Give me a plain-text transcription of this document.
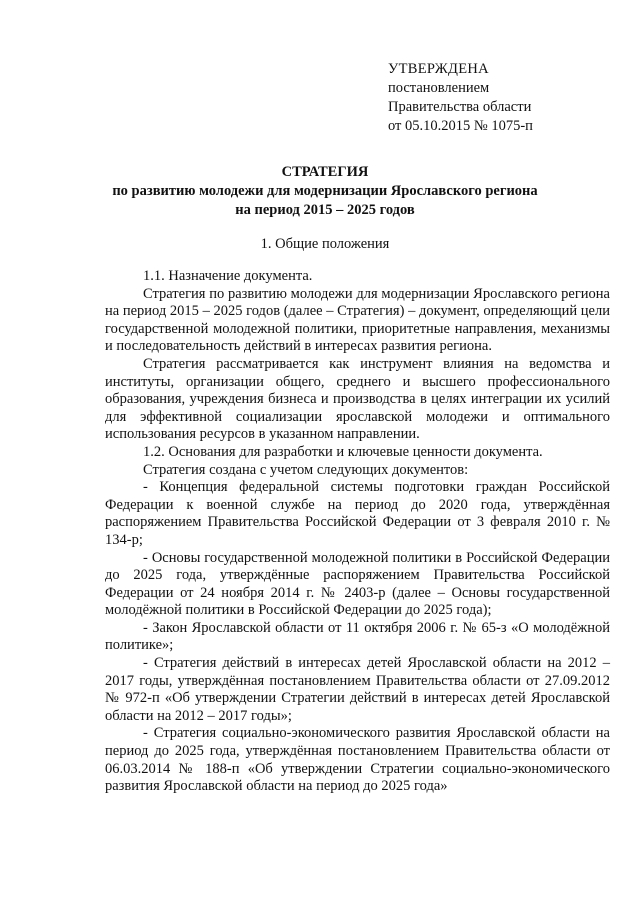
УТВЕРЖДЕНА
постановлением
Правительства области
от 05.10.2015 № 1075-п
СТРАТЕГИЯ
по развитию молодежи для модернизации Ярославского региона
на период 2015 – 2025 годов
1. Общие положения

1.1. Назначение документа.

Стратегия по развитию молодежи для модернизации Ярославского региона на период 2015 – 2025 годов (далее – Стратегия) – документ, определяющий цели государственной молодежной политики, приоритетные направления, механизмы и последовательность действий в интересах развития региона.

Стратегия рассматривается как инструмент влияния на ведомства и институты, организации общего, среднего и высшего профессионального образования, учреждения бизнеса и производства в целях интеграции их усилий для эффективной социализации ярославской молодежи и оптимального использования ресурсов в указанном направлении.

1.2. Основания для разработки и ключевые ценности документа.

Стратегия создана с учетом следующих документов:

- Концепция федеральной системы подготовки граждан Российской Федерации к военной службе на период до 2020 года, утверждённая распоряжением Правительства Российской Федерации от 3 февраля 2010 г. № 134-р;

- Основы государственной молодежной политики в Российской Федерации до 2025 года, утверждённые распоряжением Правительства Российской Федерации от 24 ноября 2014 г. № 2403-р (далее – Основы государственной молодёжной политики в Российской Федерации до 2025 года);

- Закон Ярославской области от 11 октября 2006 г. № 65-з «О молодёжной политике»;

- Стратегия действий в интересах детей Ярославской области на 2012 – 2017 годы, утверждённая постановлением Правительства области от 27.09.2012 № 972-п «Об утверждении Стратегии действий в интересах детей Ярославской области на 2012 – 2017 годы»;

- Стратегия социально-экономического развития Ярославской области на период до 2025 года, утверждённая постановлением Правительства области от 06.03.2014 № 188-п «Об утверждении Стратегии социально-экономического развития Ярославской области на период до 2025 года»
